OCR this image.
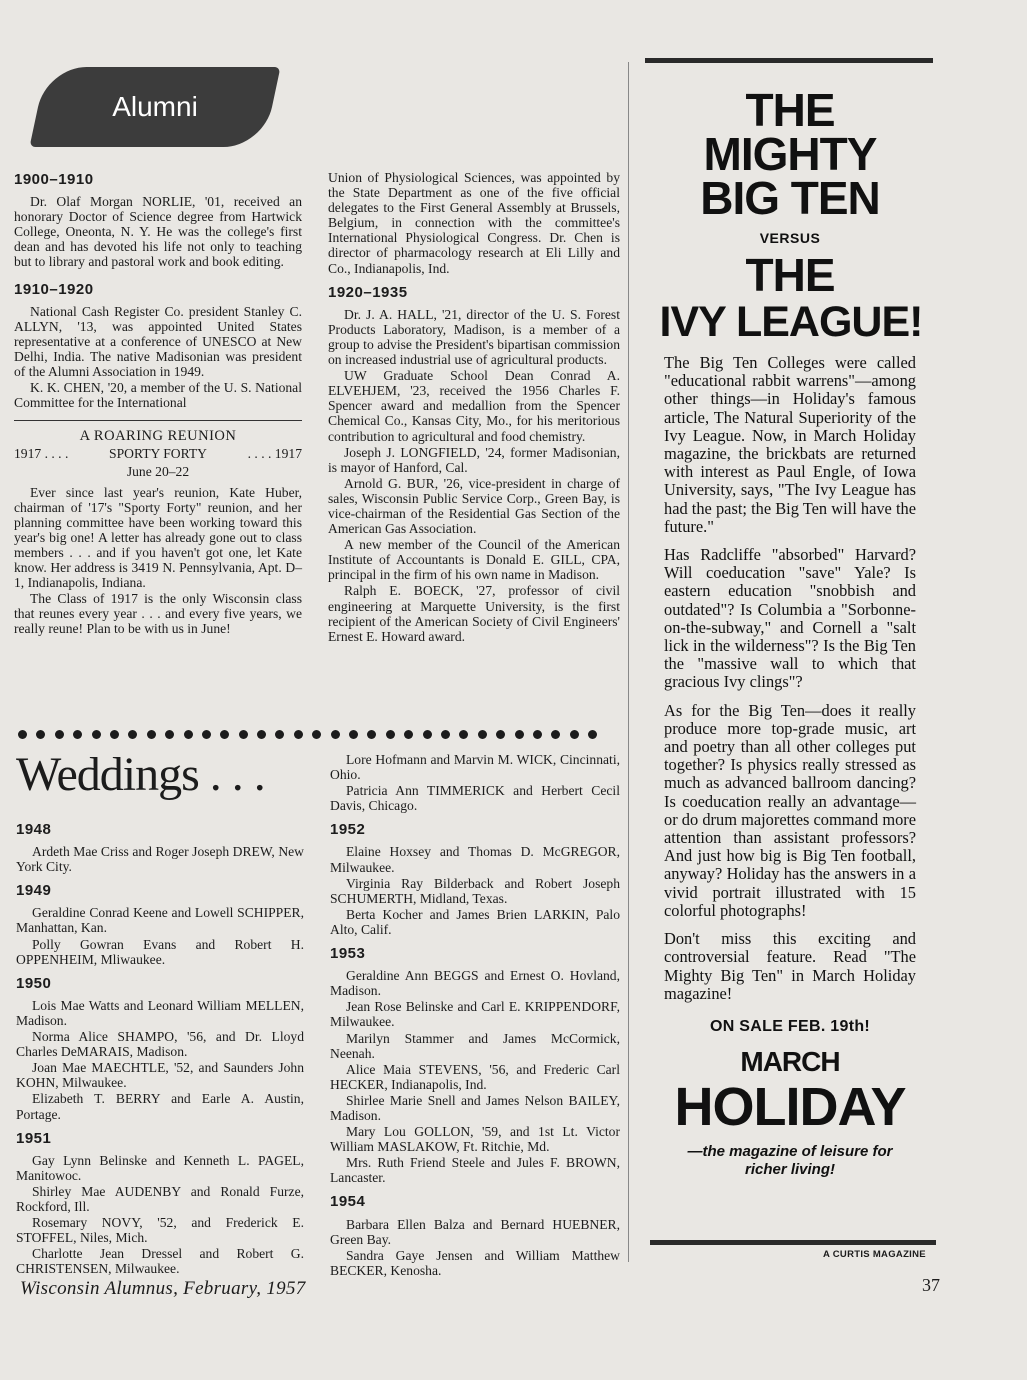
Alumni
1900–1910

Dr. Olaf Morgan NORLIE, '01, received an honorary Doctor of Science degree from Hartwick College, Oneonta, N. Y. He was the college's first dean and has devoted his life not only to teaching but to library and pastoral work and book editing.

1910–1920

National Cash Register Co. president Stanley C. ALLYN, '13, was appointed United States representative at a conference of UNESCO at New Delhi, India. The native Madisonian was president of the Alumni Association in 1949.

K. K. CHEN, '20, a member of the U. S. National Committee for the International

A ROARING REUNION
1917 . . . .	SPORTY FORTY	. . . . 1917
June 20–22

Ever since last year's reunion, Kate Huber, chairman of '17's "Sporty Forty" reunion, and her planning committee have been working toward this year's big one! A letter has already gone out to class members . . . and if you haven't got one, let Kate know. Her address is 3419 N. Pennsylvania, Apt. D–1, Indianapolis, Indiana.

The Class of 1917 is the only Wisconsin class that reunes every year . . . and every five years, we really reune! Plan to be with us in June!

Union of Physiological Sciences, was appointed by the State Department as one of the five official delegates to the First General Assembly at Brussels, Belgium, in connection with the committee's International Physiological Congress. Dr. Chen is director of pharmacology research at Eli Lilly and Co., Indianapolis, Ind.

1920–1935

Dr. J. A. HALL, '21, director of the U. S. Forest Products Laboratory, Madison, is a member of a group to advise the President's bipartisan commission on increased industrial use of agricultural products.

UW Graduate School Dean Conrad A. ELVEHJEM, '23, received the 1956 Charles F. Spencer award and medallion from the Spencer Chemical Co., Kansas City, Mo., for his meritorious contribution to agricultural and food chemistry.

Joseph J. LONGFIELD, '24, former Madisonian, is mayor of Hanford, Cal.

Arnold G. BUR, '26, vice-president in charge of sales, Wisconsin Public Service Corp., Green Bay, is vice-chairman of the Residential Gas Section of the American Gas Association.

A new member of the Council of the American Institute of Accountants is Donald E. GILL, CPA, principal in the firm of his own name in Madison.

Ralph E. BOECK, '27, professor of civil engineering at Marquette University, is the first recipient of the American Society of Civil Engineers' Ernest E. Howard award.

Weddings . . .
1948

Ardeth Mae Criss and Roger Joseph DREW, New York City.

1949

Geraldine Conrad Keene and Lowell SCHIPPER, Manhattan, Kan.

Polly Gowran Evans and Robert H. OPPENHEIM, Mliwaukee.

1950

Lois Mae Watts and Leonard William MELLEN, Madison.

Norma Alice SHAMPO, '56, and Dr. Lloyd Charles DeMARAIS, Madison.

Joan Mae MAECHTLE, '52, and Saunders John KOHN, Milwaukee.

Elizabeth T. BERRY and Earle A. Austin, Portage.

1951

Gay Lynn Belinske and Kenneth L. PAGEL, Manitowoc.

Shirley Mae AUDENBY and Ronald Furze, Rockford, Ill.

Rosemary NOVY, '52, and Frederick E. STOFFEL, Niles, Mich.

Charlotte Jean Dressel and Robert G. CHRISTENSEN, Milwaukee.

Lore Hofmann and Marvin M. WICK, Cincinnati, Ohio.

Patricia Ann TIMMERICK and Herbert Cecil Davis, Chicago.

1952

Elaine Hoxsey and Thomas D. McGREGOR, Milwaukee.

Virginia Ray Bilderback and Robert Joseph SCHUMERTH, Midland, Texas.

Berta Kocher and James Brien LARKIN, Palo Alto, Calif.

1953

Geraldine Ann BEGGS and Ernest O. Hovland, Madison.

Jean Rose Belinske and Carl E. KRIPPENDORF, Milwaukee.

Marilyn Stammer and James McCormick, Neenah.

Alice Maia STEVENS, '56, and Frederic Carl HECKER, Indianapolis, Ind.

Shirlee Marie Snell and James Nelson BAILEY, Madison.

Mary Lou GOLLON, '59, and 1st Lt. Victor William MASLAKOW, Ft. Ritchie, Md.

Mrs. Ruth Friend Steele and Jules F. BROWN, Lancaster.

1954

Barbara Ellen Balza and Bernard HUEBNER, Green Bay.

Sandra Gaye Jensen and William Matthew BECKER, Kenosha.

THE
MIGHTY
BIG TEN
VERSUS
THE
IVY LEAGUE!

The Big Ten Colleges were called "educational rabbit warrens"—among other things—in Holiday's famous article, The Natural Superiority of the Ivy League. Now, in March Holiday magazine, the brickbats are returned with interest as Paul Engle, of Iowa University, says, "The Ivy League has had the past; the Big Ten will have the future."

Has Radcliffe "absorbed" Harvard? Will coeducation "save" Yale? Is eastern education "snobbish and outdated"? Is Columbia a "Sorbonne-on-the-subway," and Cornell a "salt lick in the wilderness"? Is the Big Ten the "massive wall to which that gracious Ivy clings"?

As for the Big Ten—does it really produce more top-grade music, art and poetry than all other colleges put together? Is physics really stressed as much as advanced ballroom dancing? Is coeducation really an advantage—or do drum majorettes command more attention than assistant professors? And just how big is Big Ten football, anyway? Holiday has the answers in a vivid portrait illustrated with 15 colorful photographs!

Don't miss this exciting and controversial feature. Read "The Mighty Big Ten" in March Holiday magazine!

ON SALE FEB. 19th!
MARCH
HOLIDAY
—the magazine of leisure for
richer living!
A CURTIS MAGAZINE
Wisconsin Alumnus, February, 1957	37
